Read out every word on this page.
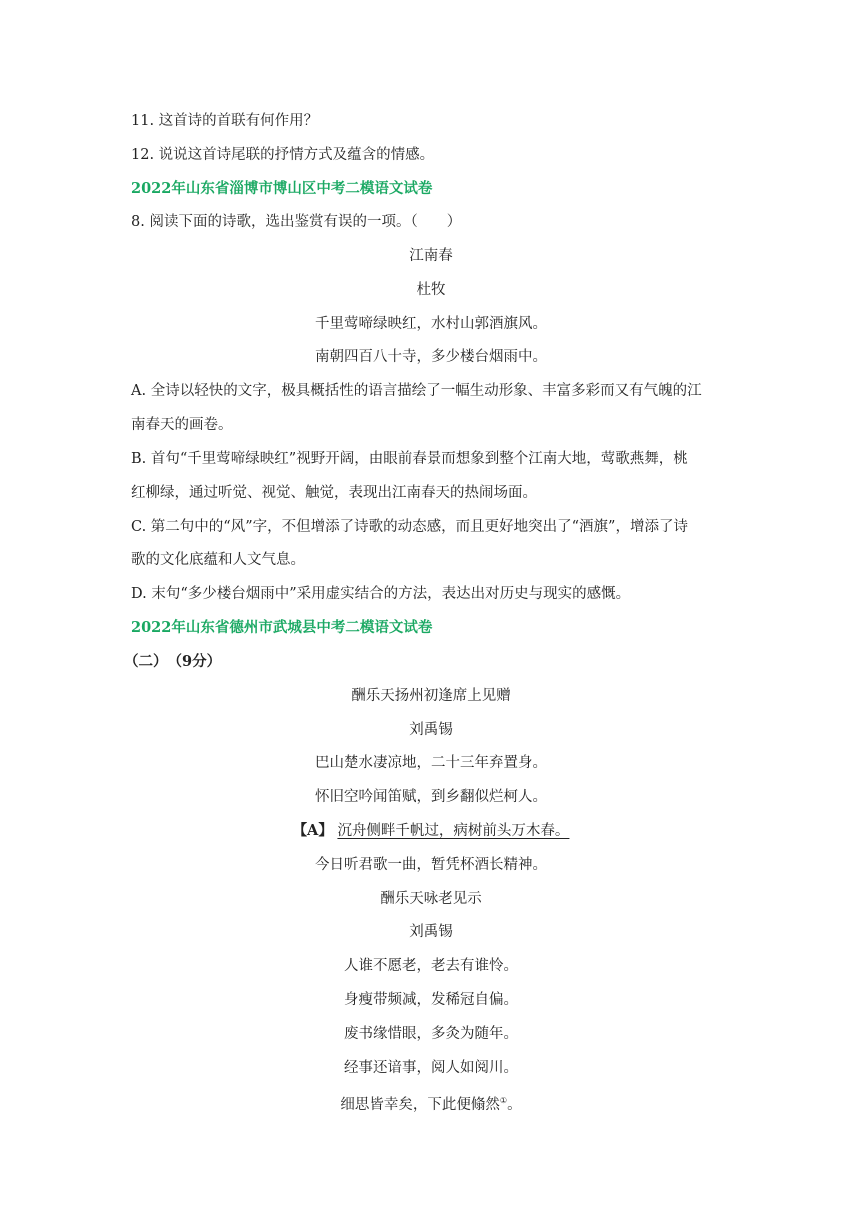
11. 这首诗的首联有何作用？
12. 说说这首诗尾联的抒情方式及蕴含的情感。
2022年山东省淄博市博山区中考二模语文试卷
8. 阅读下面的诗歌，选出鉴赏有误的一项。（　　）
江南春
杜牧
千里莺啼绿映红，水村山郭酒旗风。
南朝四百八十寺，多少楼台烟雨中。
A. 全诗以轻快的文字，极具概括性的语言描绘了一幅生动形象、丰富多彩而又有气魄的江
南春天的画卷。
B. 首句“千里莺啼绿映红”视野开阔，由眼前春景而想象到整个江南大地，莺歌燕舞，桃
红柳绿，通过听觉、视觉、触觉，表现出江南春天的热闹场面。
C. 第二句中的“风”字，不但增添了诗歌的动态感，而且更好地突出了“酒旗”，增添了诗
歌的文化底蕴和人文气息。
D. 末句“多少楼台烟雨中”采用虚实结合的方法，表达出对历史与现实的感慨。
2022年山东省德州市武城县中考二模语文试卷
（二）　（9分）
酬乐天扬州初逢席上见赠
刘禹锡
巴山楚水凄凉地，二十三年弃置身。
怀旧空吟闻笛赋，到乡翻似烂柯人。
【A】 沉舟侧畔千帆过，病树前头万木春。
今日听君歌一曲，暂凭杯酒长精神。
酬乐天咏老见示
刘禹锡
人谁不愿老，老去有谁怜。
身瘦带频减，发稀冠自偏。
废书缘惜眼，多灸为随年。
经事还谙事，阅人如阅川。
细思皆幸矣，下此便翛然①。
